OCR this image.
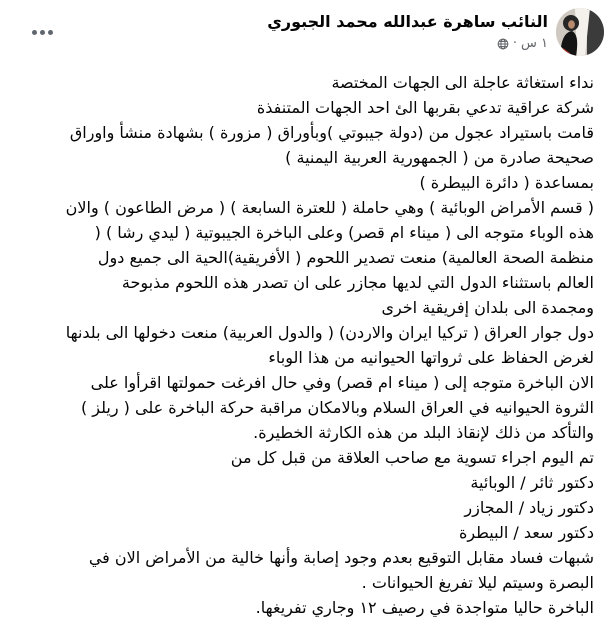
النائب ساهرة عبدالله محمد الجبوري
١ س
·
نداء استغاثة عاجلة الى الجهات المختصة
شركة عراقية تدعي بقربها الئ احد الجهات المتنفذة
قامت باستيراد عجول من (دولة جيبوتي )وبأوراق ( مزورة ) بشهادة منشأ واوراق
صحيحة صادرة من ( الجمهورية العربية اليمنية )
بمساعدة ( دائرة البيطرة )
( قسم الأمراض الوبائية ) وهي حاملة ( للعترة السابعة ) ( مرض الطاعون ) والان
هذه الوباء متوجه الى ( ميناء ام قصر) وعلى الباخرة الجيبوتية ( ليدي رشا ) (
منظمة الصحة العالمية) منعت تصدير اللحوم ( الأفريقية)الحية الى جميع دول
العالم باستثناء الدول التي لديها مجازر على ان تصدر هذه اللحوم مذبوحة
ومجمدة الى بلدان إفريقية اخرى
دول جوار العراق ( تركيا ايران والاردن) ( والدول العربية) منعت دخولها الى بلدنها
لغرض الحفاظ على ثرواتها الحيوانيه من هذا الوباء
الان الباخرة متوجه إلى ( ميناء ام قصر) وفي حال افرغت حمولتها اقرأوا على
الثروة الحيوانيه في العراق السلام وبالامكان مراقبة حركة الباخرة على ( ريلز )
والتأكد من ذلك لإنقاذ البلد من هذه الكارثة الخطيرة.
تم اليوم اجراء تسوية مع صاحب العلاقة من قبل كل من
دكتور ثائر / الوبائية
دكتور زياد / المجازر
دكتور سعد / البيطرة
شبهات فساد مقابل التوقيع بعدم وجود إصابة وأنها خالية من الأمراض الان في
البصرة وسيتم ليلا تفريغ الحيوانات .
الباخرة حاليا متواجدة في رصيف ١٢ وجاري تفريغها.
